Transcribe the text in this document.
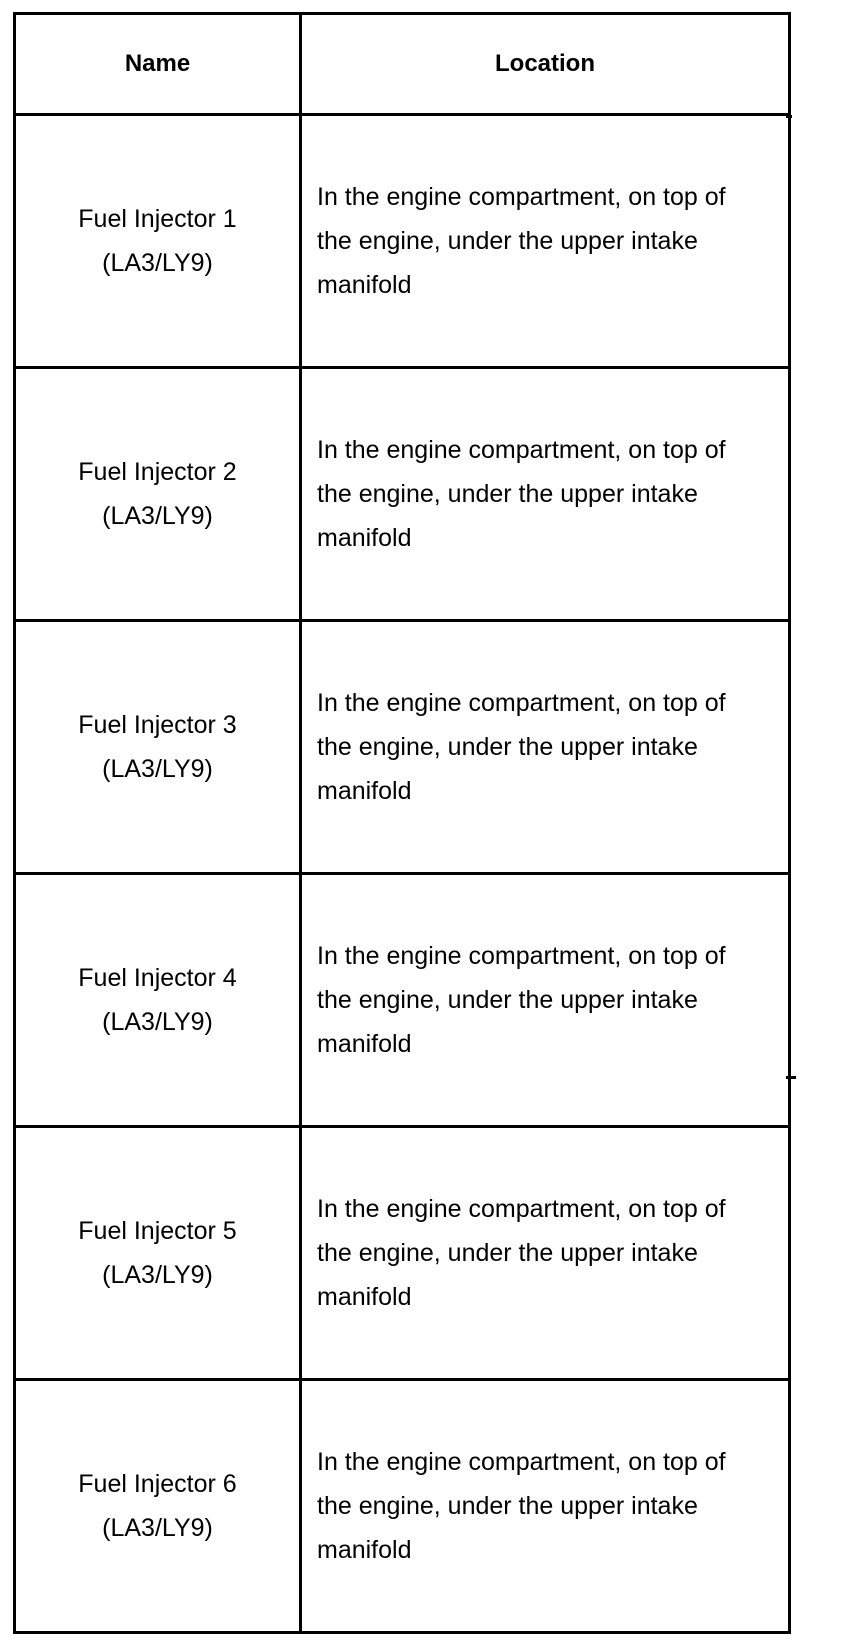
Name	Location

Fuel Injector 1
(LA3/LY9)	In the engine compartment, on top of the engine, under the upper intake manifold

Fuel Injector 2
(LA3/LY9)	In the engine compartment, on top of the engine, under the upper intake manifold

Fuel Injector 3
(LA3/LY9)	In the engine compartment, on top of the engine, under the upper intake manifold

Fuel Injector 4
(LA3/LY9)	In the engine compartment, on top of the engine, under the upper intake manifold

Fuel Injector 5
(LA3/LY9)	In the engine compartment, on top of the engine, under the upper intake manifold

Fuel Injector 6
(LA3/LY9)	In the engine compartment, on top of the engine, under the upper intake manifold
